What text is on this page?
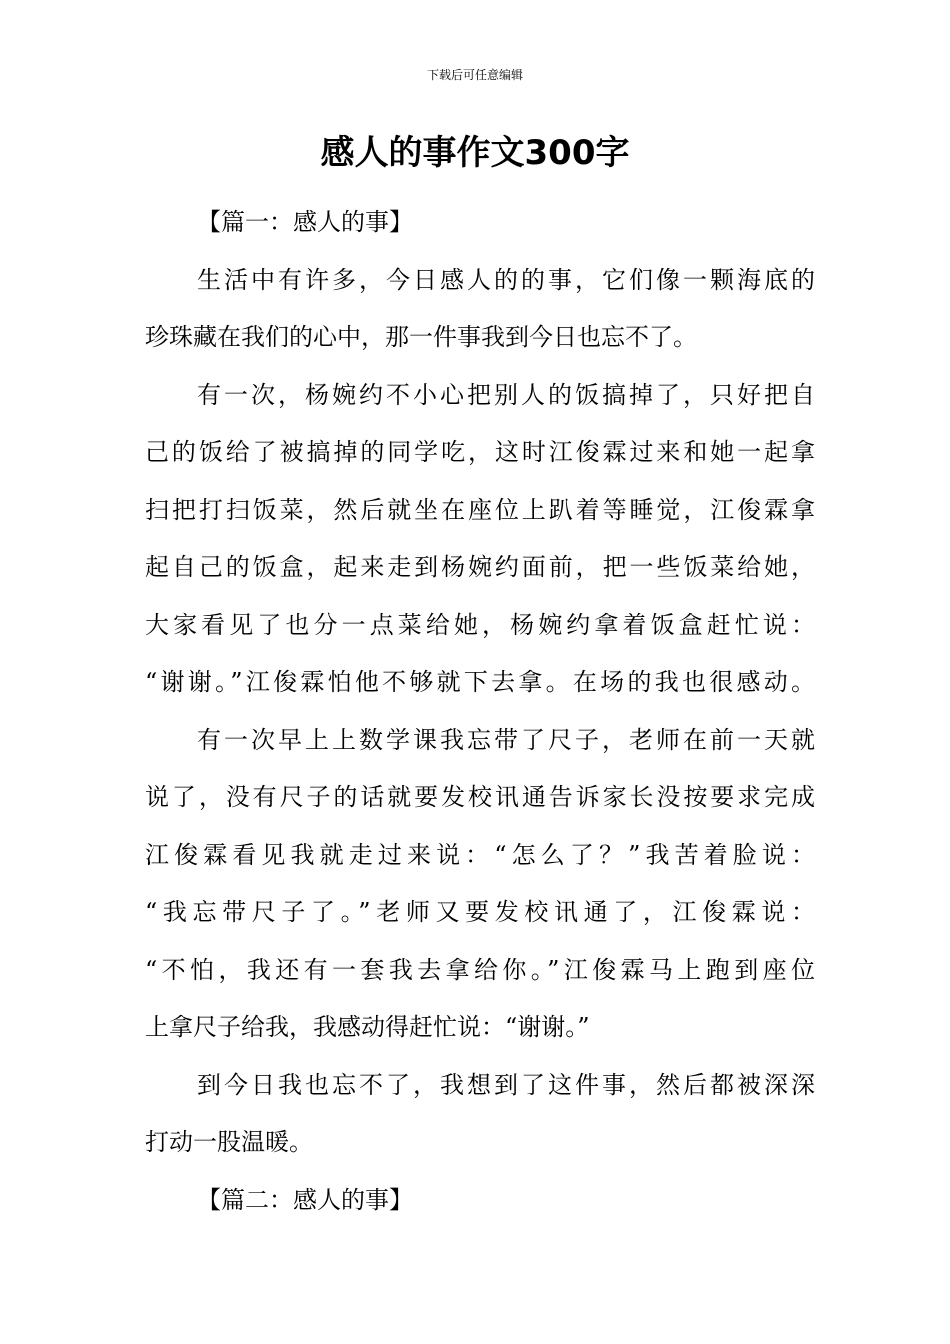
下载后可任意编辑
感人的事作文300字
【篇一：感人的事】
生活中有许多，今日感人的的事，它们像一颗海底的
珍珠藏在我们的心中，那一件事我到今日也忘不了。
有一次，杨婉约不小心把别人的饭搞掉了，只好把自
己的饭给了被搞掉的同学吃，这时江俊霖过来和她一起拿
扫把打扫饭菜，然后就坐在座位上趴着等睡觉，江俊霖拿
起自己的饭盒，起来走到杨婉约面前，把一些饭菜给她，
大家看见了也分一点菜给她，杨婉约拿着饭盒赶忙说：
“谢谢。”江俊霖怕他不够就下去拿。在场的我也很感动。
有一次早上上数学课我忘带了尺子，老师在前一天就
说了，没有尺子的话就要发校讯通告诉家长没按要求完成
江俊霖看见我就走过来说：“怎么了？”我苦着脸说：
“我忘带尺子了。”老师又要发校讯通了，江俊霖说：
“不怕，我还有一套我去拿给你。”江俊霖马上跑到座位
上拿尺子给我，我感动得赶忙说：“谢谢。”
到今日我也忘不了，我想到了这件事，然后都被深深
打动一股温暖。
【篇二：感人的事】
